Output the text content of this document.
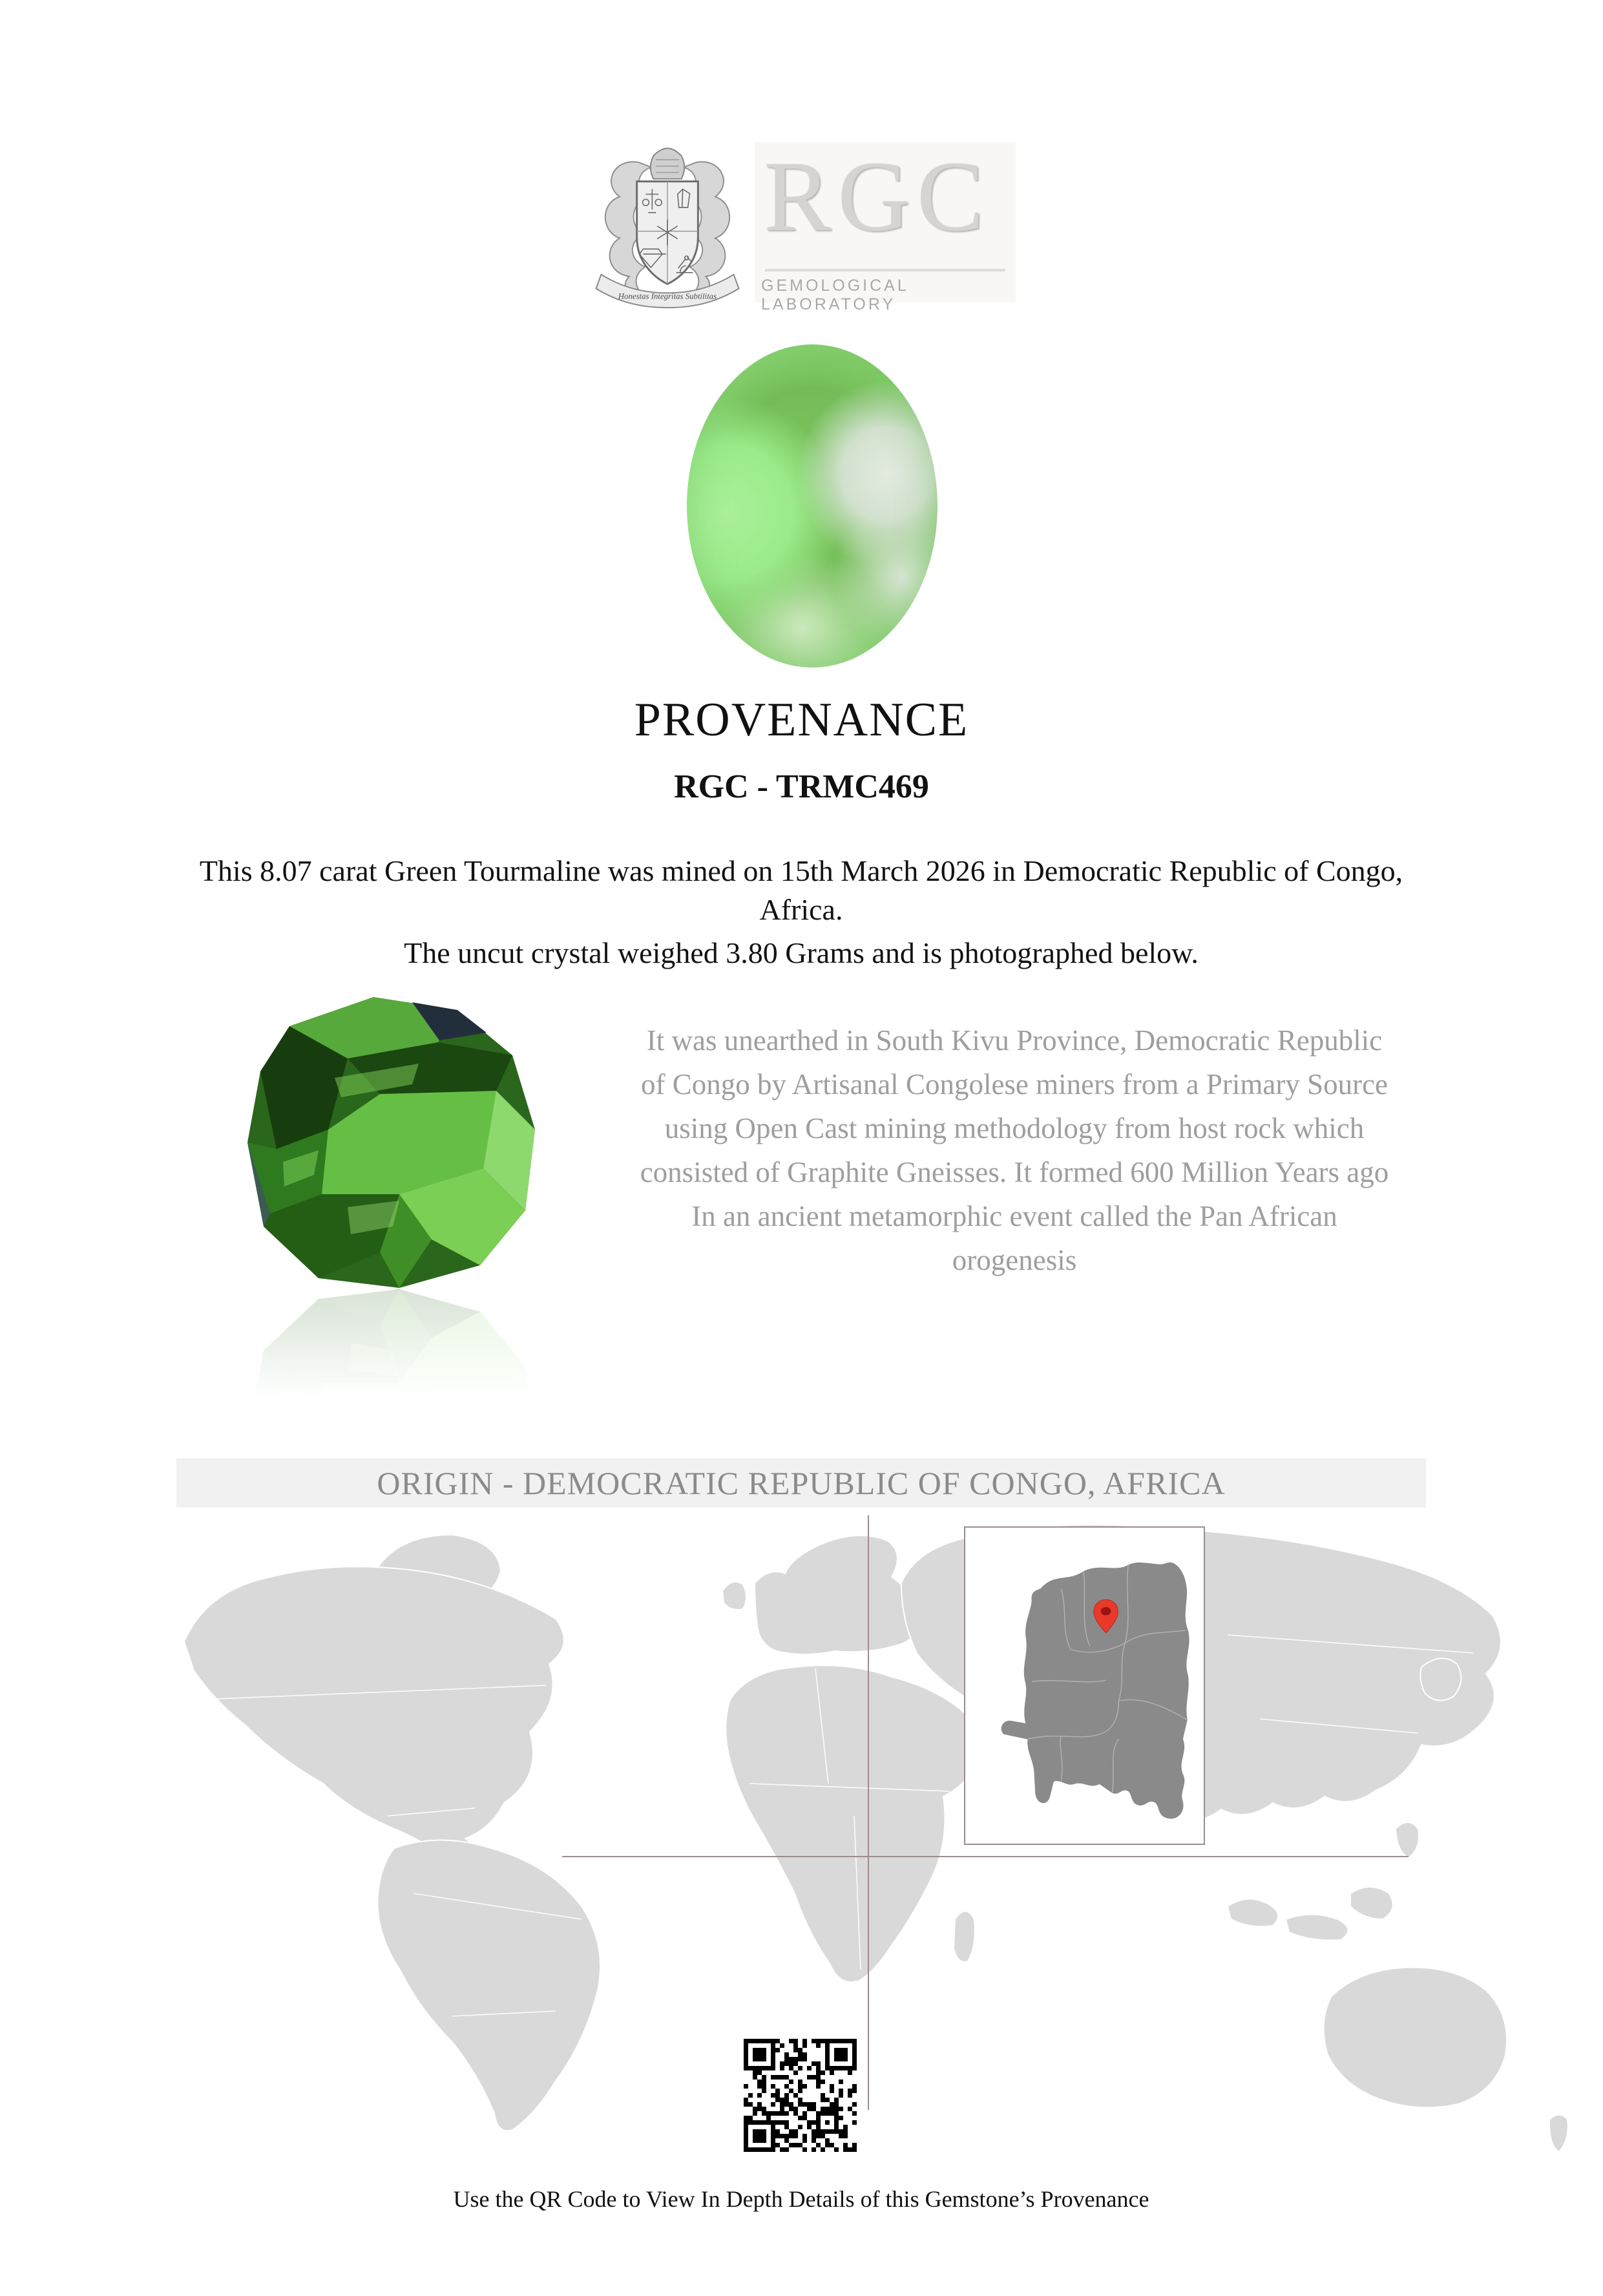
Honestas Integritas Subtilitas
RGC
GEMOLOGICAL LABORATORY
PROVENANCE
RGC - TRMC469
This 8.07 carat Green Tourmaline was mined on 15th March 2026 in Democratic Republic of Congo, Africa.
The uncut crystal weighed 3.80 Grams and is photographed below.
It was unearthed in South Kivu Province, Democratic Republic of Congo by Artisanal Congolese miners from a Primary Source using Open Cast mining methodology from host rock which consisted of Graphite Gneisses. It formed 600 Million Years ago In an ancient metamorphic event called the Pan African orogenesis
ORIGIN - DEMOCRATIC REPUBLIC OF CONGO, AFRICA
Use the QR Code to View In Depth Details of this Gemstone’s Provenance
